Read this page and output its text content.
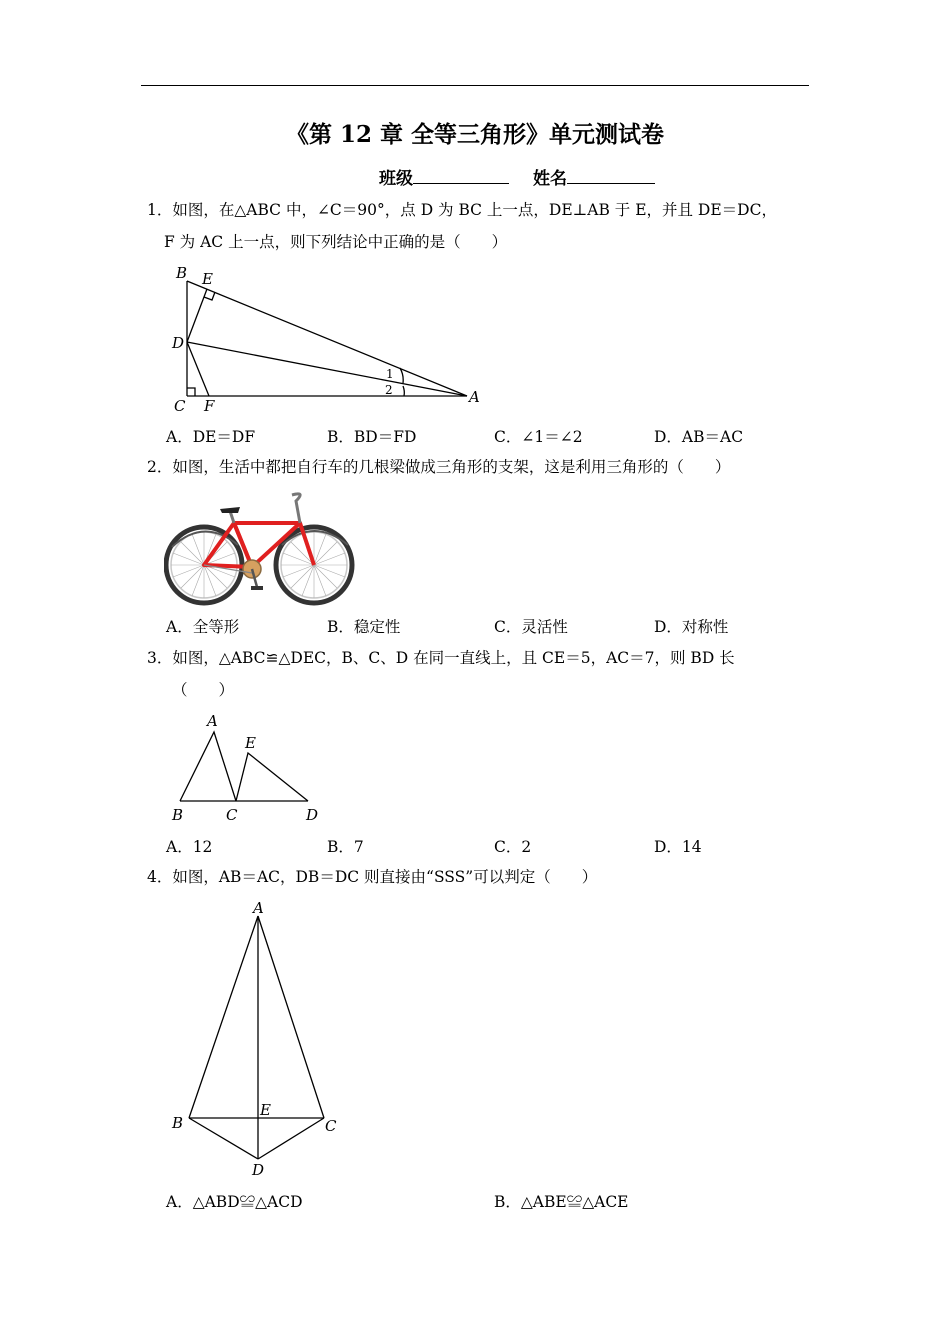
《第 12 章 全等三角形》单元测试卷
班级	姓名
1．如图，在△ABC 中，∠C＝90°，点 D 为 BC 上一点，DE⊥AB 于 E，并且 DE＝DC，
F 为 AC 上一点，则下列结论中正确的是（　　）
B E
D
C F	A
1
2
A．DE＝DF	B．BD＝FD	C．∠1＝∠2	D．AB＝AC
2．如图，生活中都把自行车的几根梁做成三角形的支架，这是利用三角形的（　　）
A．全等形	B．稳定性	C．灵活性	D．对称性
3．如图，△ABC≌△DEC，B、C、D 在同一直线上，且 CE＝5，AC＝7，则 BD 长
（　　）
A
E
B	C	D
A．12	B．7	C．2	D．14
4．如图，AB＝AC，DB＝DC 则直接由“SSS”可以判定（　　）
A
B
E
C
D
A．△ABD≌△ACD	B．△ABE≌△ACE
